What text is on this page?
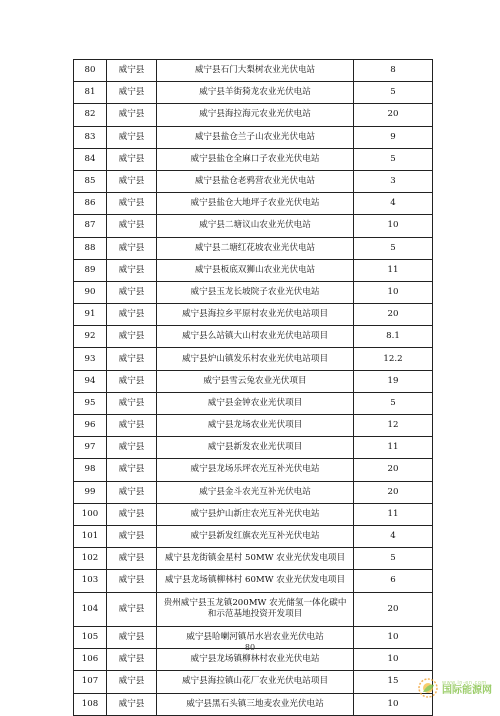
80	威宁县	威宁县石门大梨树农业光伏电站	8
81	威宁县	威宁县羊街猗龙农业光伏电站	5
82	威宁县	威宁县海拉海元农业光伏电站	20
83	威宁县	威宁县盐仓兰子山农业光伏电站	9
84	威宁县	威宁县盐仓全麻口子农业光伏电站	5
85	威宁县	威宁县盐仓老鸦营农业光伏电站	3
86	威宁县	威宁县盐仓大地坪子农业光伏电站	4
87	威宁县	威宁县二塘议山农业光伏电站	10
88	威宁县	威宁县二塘红花坡农业光伏电站	5
89	威宁县	威宁县板底双狮山农业光伏电站	11
90	威宁县	威宁县玉龙长坡院子农业光伏电站	10
91	威宁县	威宁县海拉乡平原村农业光伏电站项目	20
92	威宁县	威宁县么站镇大山村农业光伏电站项目	8.1
93	威宁县	威宁县炉山镇发乐村农业光伏电站项目	12.2
94	威宁县	威宁县雪云兔农业光伏项目	19
95	威宁县	威宁县金钟农业光伏项目	5
96	威宁县	威宁县龙场农业光伏项目	12
97	威宁县	威宁县新发农业光伏项目	11
98	威宁县	威宁县龙场乐坪农光互补光伏电站	20
99	威宁县	威宁县金斗农光互补光伏电站	20
100	威宁县	威宁县炉山新庄农光互补光伏电站	11
101	威宁县	威宁县新发红旗农光互补光伏电站	4
102	威宁县	威宁县龙街镇金星村 50MW 农业光伏发电项目	5
103	威宁县	威宁县龙场镇柳林村 60MW 农业光伏发电项目	6
104	威宁县	贵州威宁县玉龙镇200MW 农光储氢一体化碳中和示范基地投资开发项目	20
105	威宁县	威宁县哈喇河镇吊水岩农业光伏电站	10
106	威宁县	威宁县龙场镇柳林村农业光伏电站	10
107	威宁县	威宁县海拉镇山花厂农业光伏电站项目	15
108	威宁县	威宁县黑石头镇三地麦农业光伏电站	10
80
www.in-en.com
国际能源网
